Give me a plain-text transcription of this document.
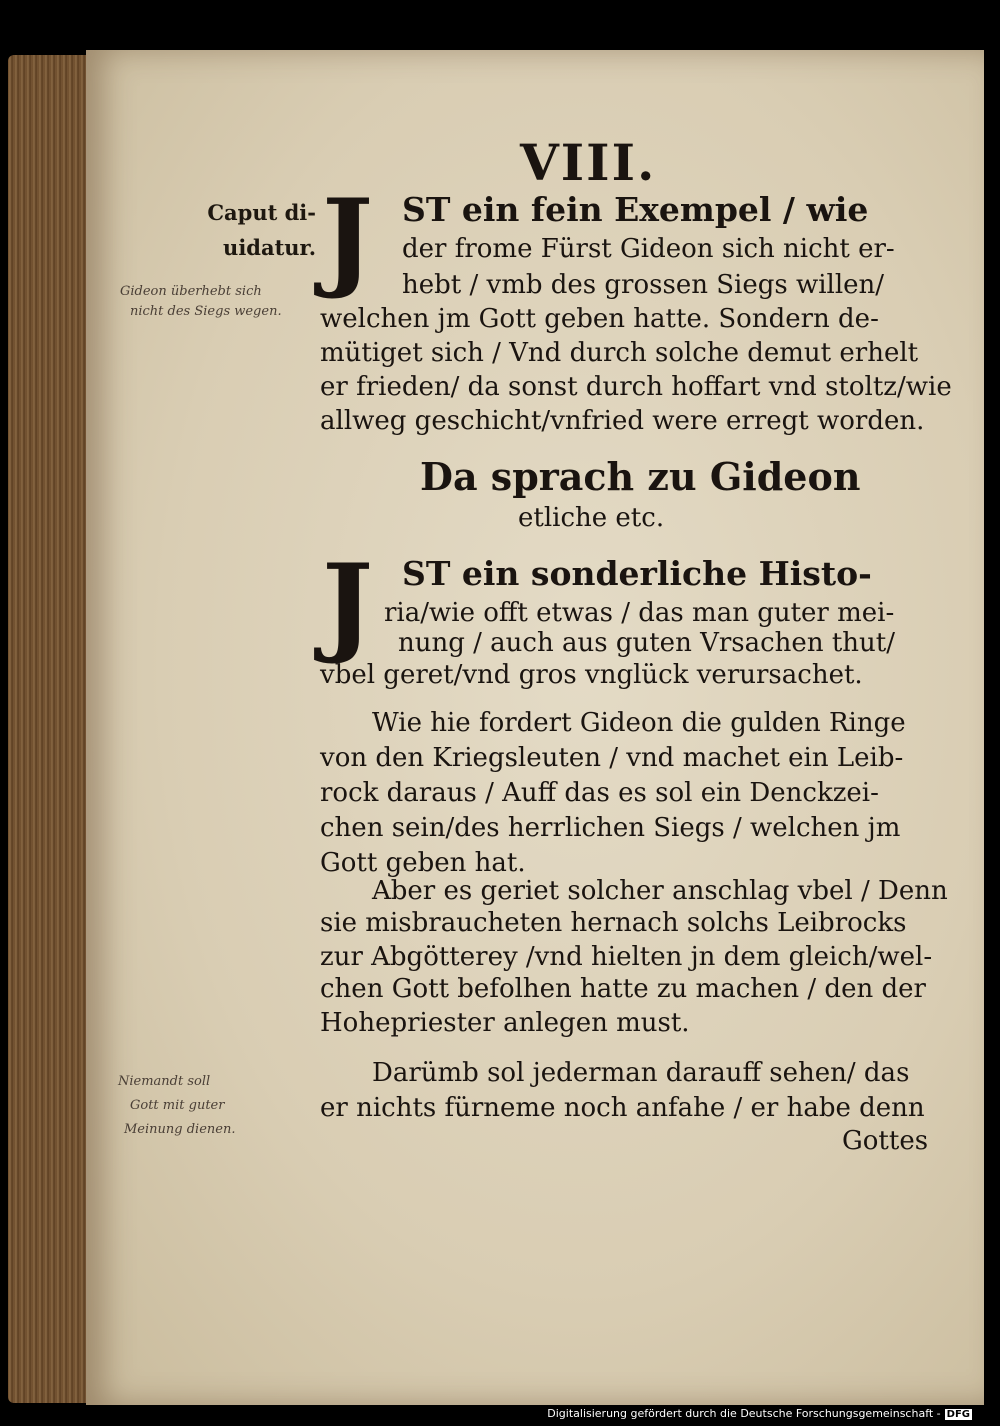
VIII.
Caput di-
uidatur.
Gideon überhebt sich
nicht des Siegs wegen.
Niemandt soll
Gott mit guter
Meinung dienen.
J ST ein fein Exempel / wie
der frome Fürst Gideon sich nicht er-
hebt / vmb des grossen Siegs willen/
welchen jm Gott geben hatte. Sondern de-
mütiget sich / Vnd durch solche demut erhelt
er frieden/ da sonst durch hoffart vnd stoltz/wie
allweg geschicht/vnfried were erregt worden.
Da sprach zu Gideon
etliche etc.
J ST ein sonderliche Histo-
ria/wie offt etwas / das man guter mei-
nung / auch aus guten Vrsachen thut/
vbel geret/vnd gros vnglück verursachet.
Wie hie fordert Gideon die gulden Ringe
von den Kriegsleuten / vnd machet ein Leib-
rock daraus / Auff das es sol ein Denckzei-
chen sein/des herrlichen Siegs / welchen jm
Gott geben hat.
Aber es geriet solcher anschlag vbel / Denn
sie misbraucheten hernach solchs Leibrocks
zur Abgötterey /vnd hielten jn dem gleich/wel-
chen Gott befolhen hatte zu machen / den der
Hohepriester anlegen must.
Darümb sol jederman darauff sehen/ das
er nichts fürneme noch anfahe / er habe denn
Gottes
Digitalisierung gefördert durch die Deutsche Forschungsgemeinschaft - DFG
